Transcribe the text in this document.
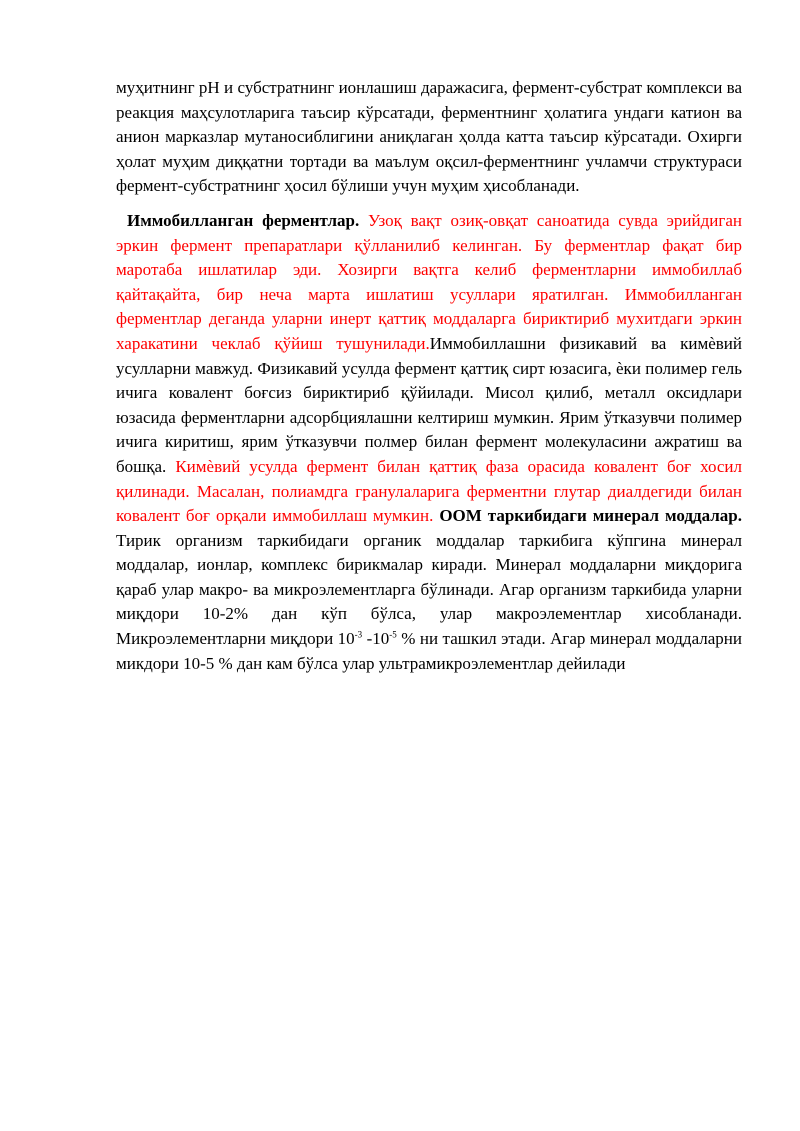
муҳитнинг рН и субстратнинг ионлашиш даражасига, фермент-субстрат комплекси ва реакция маҳсулотларига таъсир кўрсатади, ферментнинг ҳолатига ундаги катион ва анион марказлар мутаносиблигини аниқлаган ҳолда катта таъсир кўрсатади. Охирги ҳолат муҳим диққатни тортади ва маълум оқсил-ферментнинг учламчи структураси фермент-субстратнинг ҳосил бўлиши учун муҳим ҳисобланади.

Иммобилланган ферментлар. Узоқ вақт озиқ-овқат саноатида сувда эрийдиган эркин фермент препаратлари қўлланилиб келинган. Бу ферментлар фақат бир маротаба ишлатилар эди. Хозирги вақтга келиб ферментларни иммобиллаб қайтақайта, бир неча марта ишлатиш усуллари яратилган. Иммобилланган ферментлар деганда уларни инерт қаттиқ моддаларга бириктириб мухитдаги эркин харакатини чеклаб қўйиш тушунилади.Иммобиллашни физикавий ва кимѐвий усулларни мавжуд. Физикавий усулда фермент қаттиқ сирт юзасига, ѐки полимер гель ичига ковалент боғсиз бириктириб қўйилади. Мисол қилиб, металл оксидлари юзасида ферментларни адсорбциялашни келтириш мумкин. Ярим ўтказувчи полимер ичига киритиш, ярим ўтказувчи полмер билан фермент молекуласини ажратиш ва бошқа. Кимѐвий усулда фермент билан қаттиқ фаза орасида ковалент боғ хосил қилинади. Масалан, полиамдга гранулаларига ферментни глутар диалдегиди билан ковалент боғ орқали иммобиллаш мумкин. ООМ таркибидаги минерал моддалар. Тирик организм таркибидаги органик моддалар таркибига кўпгина минерал моддалар, ионлар, комплекс бирикмалар киради. Минерал моддаларни миқдорига қараб улар макро- ва микроэлементларга бўлинади. Агар организм таркибида уларни миқдори 10-2% дан кўп бўлса, улар макроэлементлар хисобланади. Микроэлементларни миқдори $10^{-3}$ $-10^{-5}$ % ни ташкил этади. Агар минерал моддаларни микдори 10-5 % дан кам бўлса улар ультрамикроэлементлар дейилади
